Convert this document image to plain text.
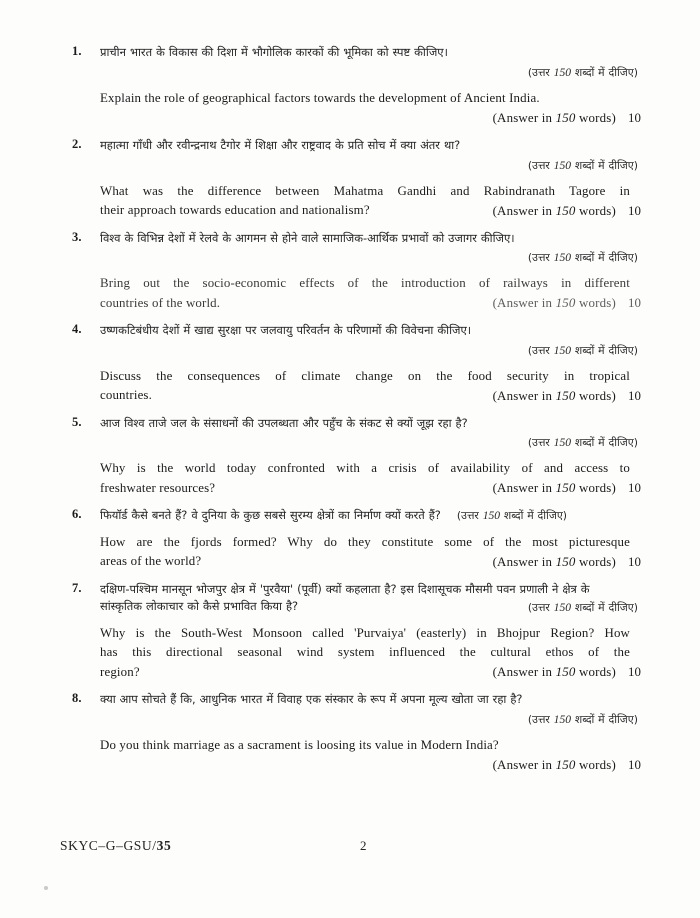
1.	प्राचीन भारत के विकास की दिशा में भौगोलिक कारकों की भूमिका को स्पष्ट कीजिए।
(उत्तर 150 शब्दों में दीजिए)
Explain the role of geographical factors towards the development of Ancient India.
(Answer in 150 words) 10
2.	महात्मा गाँधी और रवीन्द्रनाथ टैगोर में शिक्षा और राष्ट्रवाद के प्रति सोच में क्या अंतर था?
(उत्तर 150 शब्दों में दीजिए)
What was the difference between Mahatma Gandhi and Rabindranath Tagore in
their approach towards education and nationalism?	(Answer in 150 words) 10
3.	विश्व के विभिन्न देशों में रेलवे के आगमन से होने वाले सामाजिक-आर्थिक प्रभावों को उजागर कीजिए।
(उत्तर 150 शब्दों में दीजिए)
Bring out the socio-economic effects of the introduction of railways in different
countries of the world.	(Answer in 150 words) 10
4.	उष्णकटिबंधीय देशों में खाद्य सुरक्षा पर जलवायु परिवर्तन के परिणामों की विवेचना कीजिए।
(उत्तर 150 शब्दों में दीजिए)
Discuss the consequences of climate change on the food security in tropical
countries.	(Answer in 150 words) 10
5.	आज विश्व ताजे जल के संसाधनों की उपलब्धता और पहुँच के संकट से क्यों जूझ रहा है?
(उत्तर 150 शब्दों में दीजिए)
Why is the world today confronted with a crisis of availability of and access to
freshwater resources?	(Answer in 150 words) 10
6.	फियॉर्ड कैसे बनते हैं? वे दुनिया के कुछ सबसे सुरम्य क्षेत्रों का निर्माण क्यों करते हैं? (उत्तर 150 शब्दों में दीजिए)
How are the fjords formed? Why do they constitute some of the most picturesque
areas of the world?	(Answer in 150 words) 10
7.	दक्षिण-पश्चिम मानसून भोजपुर क्षेत्र में 'पुरवैया' (पूर्वी) क्यों कहलाता है? इस दिशासूचक मौसमी पवन प्रणाली ने क्षेत्र के
सांस्कृतिक लोकाचार को कैसे प्रभावित किया है?	(उत्तर 150 शब्दों में दीजिए)
Why is the South-West Monsoon called 'Purvaiya' (easterly) in Bhojpur Region? How
has this directional seasonal wind system influenced the cultural ethos of the
region?	(Answer in 150 words) 10
8.	क्या आप सोचते हैं कि, आधुनिक भारत में विवाह एक संस्कार के रूप में अपना मूल्य खोता जा रहा है?
(उत्तर 150 शब्दों में दीजिए)
Do you think marriage as a sacrament is loosing its value in Modern India?
(Answer in 150 words) 10
SKYC–G–GSU/35	2
